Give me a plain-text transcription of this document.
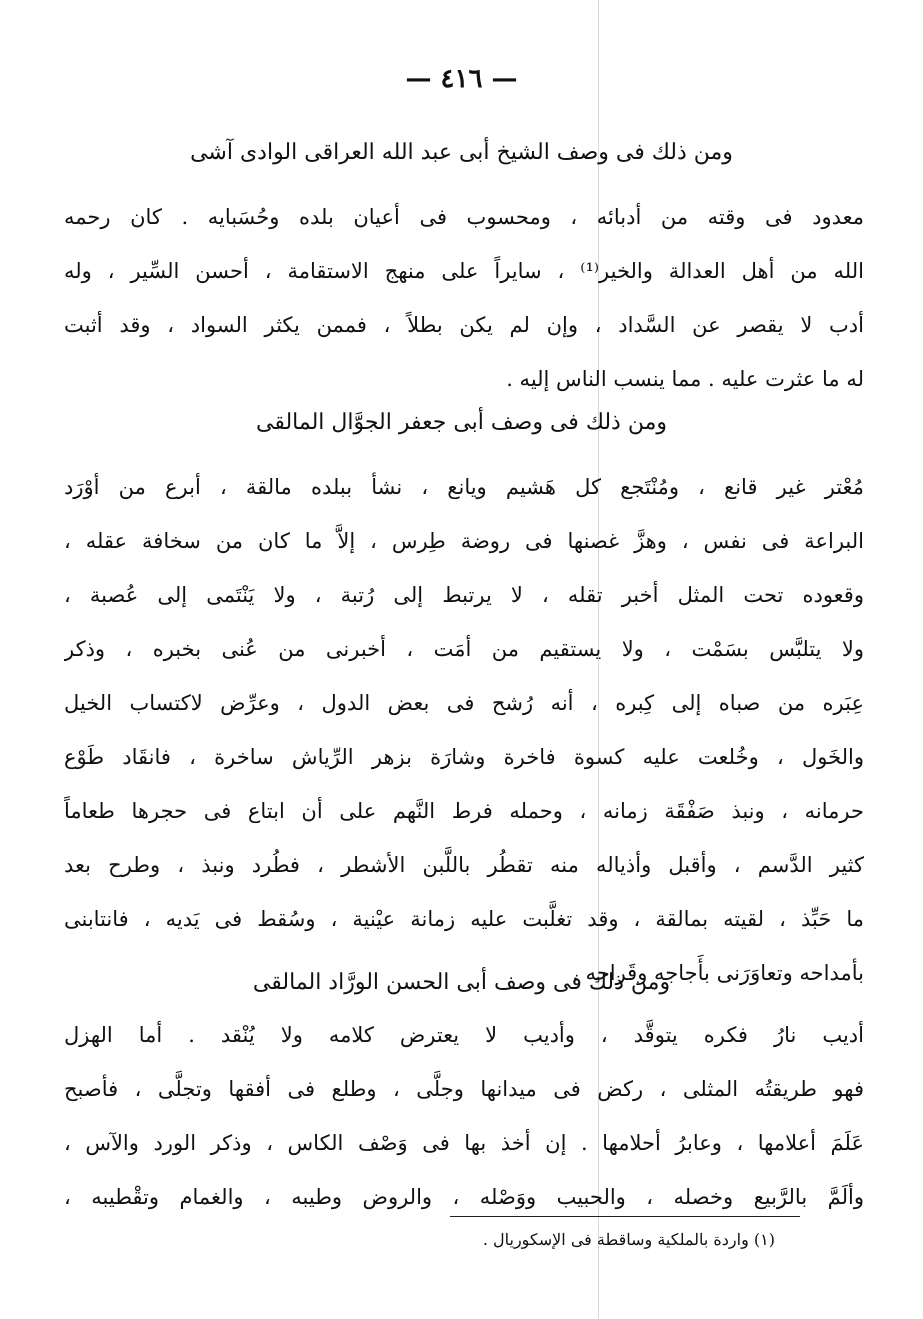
— ٤١٦ —
ومن ذلك فى وصف الشيخ أبى عبد الله العراقى الوادى آشى
معدود فى وقته من أدبائه ، ومحسوب فى أعيان بلده وحُسَبايه . كان رحمه
الله من أهل العدالة والخير⁽¹⁾ ، سايراً على منهج الاستقامة ، أحسن السِّير ، وله
أدب لا يقصر عن السَّداد ، وإن لم يكن بطلاً ، فممن يكثر السواد ، وقد أثبت
له ما عثرت عليه . مما ينسب الناس إليه .
ومن ذلك فى وصف أبى جعفر الجوَّال المالقى
مُعْتر غير قانع ، ومُنْتَجع كل هَشيم ويانع ، نشأ ببلده مالقة ، أبرع من أوْرَد
البراعة فى نفس ، وهزَّ غصنها فى روضة طِرس ، إلاَّ ما كان من سخافة عقله ،
وقعوده تحت المثل أخبر تقله ، لا يرتبط إلى رُتبة ، ولا يَنْتَمى إلى عُصبة ،
ولا يتلبَّس بسَمْت ، ولا يستقيم من أمَت ، أخبرنى من عُنى بخبره ، وذكر
عِبَره من صباه إلى كِبره ، أنه رُشح فى بعض الدول ، وعرِّض لاكتساب الخيل
والخَول ، وخُلعت عليه كسوة فاخرة وشارَة بزهر الرِّياش ساخرة ، فانقَاد طَوْع
حرمانه ، ونبذ صَفْقَة زمانه ، وحمله فرط النَّهم على أن ابتاع فى حجرها طعاماً
كثير الدَّسم ، وأقبل وأذياله منه تقطُر باللَّبن الأشطر ، فطُرد ونبذ ، وطرح بعد
ما حَبِّذ ، لقيته بمالقة ، وقد تغلَّبت عليه زمانة عيْنية ، وسُقط فى يَديه ، فانتابنى
بأمداحه وتعاوَرَنى بأَجاجه وقَراحه .
ومن ذلك فى وصف أبى الحسن الورَّاد المالقى
أديب نارُ فكره يتوقَّد ، وأديب لا يعترض كلامه ولا يُنْقد . أما الهزل
فهو طريقتُه المثلى ، ركض فى ميدانها وجلَّى ، وطلع فى أفقها وتجلَّى ، فأصبح
عَلَمَ أعلامها ، وعابرُ أحلامها . إن أخذ بها فى وَصْف الكاس ، وذكر الورد والآس ،
وألَمَّ بالرَّبيع وخصله ، والحبيب ووَصْله ، والروض وطيبه ، والغمام وتقْطيبه ،
(١) واردة بالملكية وساقطة فى الإسكوريال .
